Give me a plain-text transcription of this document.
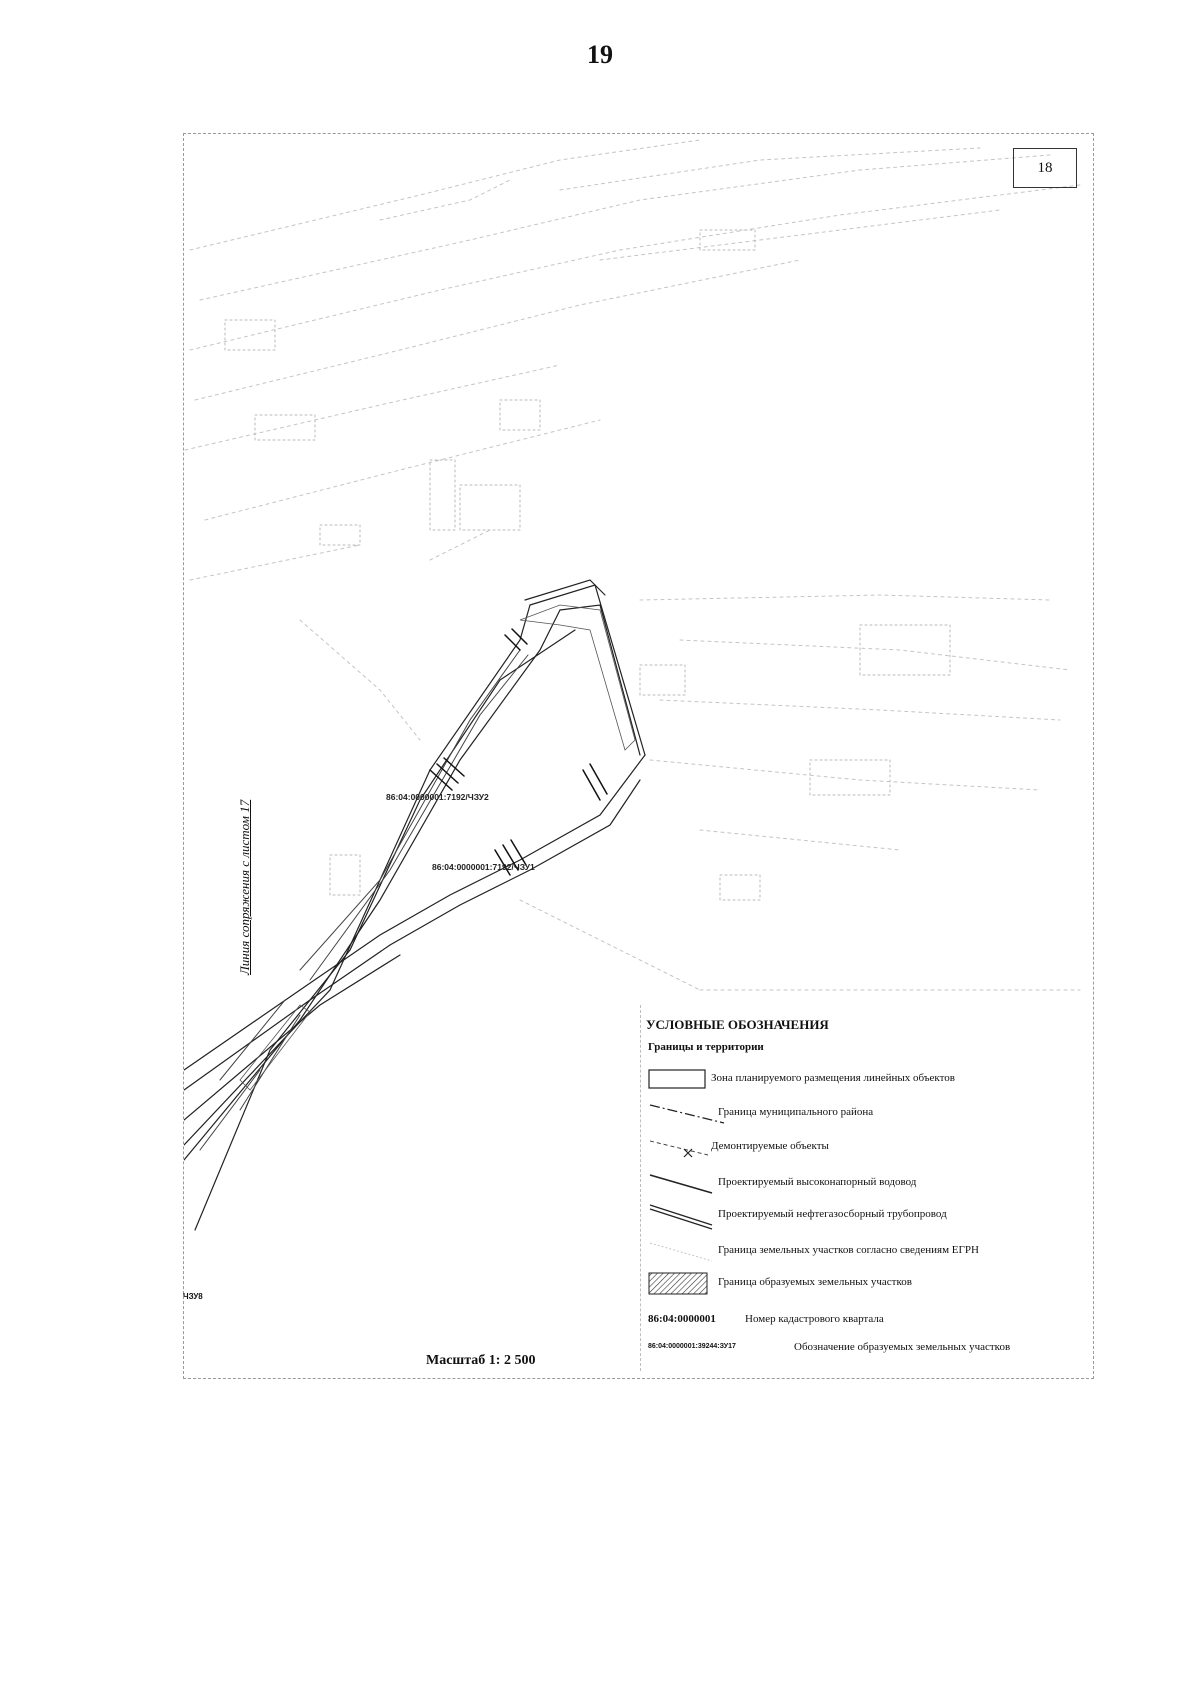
19
18
86:04:0000001:7192/ЧЗУ2
86:04:0000001:7192/ЧЗУ1
Линия сопряжения с листом 17
ЧЗУ8
Масштаб 1: 2 500
УСЛОВНЫЕ ОБОЗНАЧЕНИЯ
Границы и территории
Зона планируемого размещения линейных объектов
Граница муниципального района
Демонтируемые объекты
Проектируемый высоконапорный водовод
Проектируемый нефтегазосборный трубопровод
Граница земельных участков согласно сведениям ЕГРН
Граница образуемых земельных участков
86:04:0000001	Номер кадастрового квартала
86:04:0000001:39244:ЗУ17	Обозначение образуемых земельных участков
